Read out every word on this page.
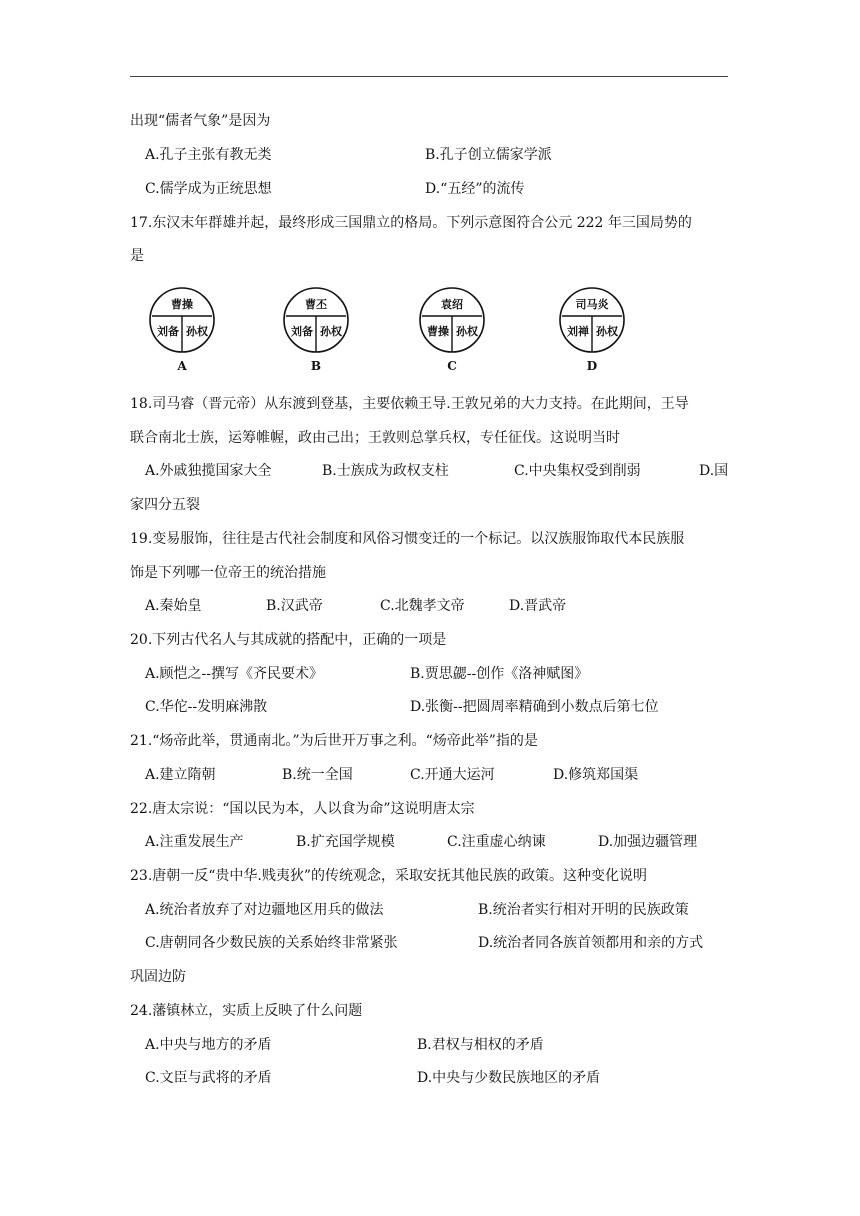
出现“儒者气象”是因为
A.孔子主张有教无类	B.孔子创立儒家学派
C.儒学成为正统思想	D.“五经”的流传
17.东汉末年群雄并起，最终形成三国鼎立的格局。下列示意图符合公元 222 年三国局势的
是
曹操
刘备 孙权
A
曹丕
刘备 孙权
B
袁绍
曹操 孙权
C
司马炎
刘禅 孙权
D
18.司马睿（晋元帝）从东渡到登基，主要依赖王导.王敦兄弟的大力支持。在此期间，王导
联合南北士族，运筹帷幄，政由己出；王敦则总掌兵权，专任征伐。这说明当时
A.外戚独揽国家大全	B.士族成为政权支柱	C.中央集权受到削弱	D.国
家四分五裂
19.变易服饰，往往是古代社会制度和风俗习惯变迁的一个标记。以汉族服饰取代本民族服
饰是下列哪一位帝王的统治措施
A.秦始皇	B.汉武帝	C.北魏孝文帝	D.晋武帝
20.下列古代名人与其成就的搭配中，正确的一项是
A.顾恺之--撰写《齐民要术》	B.贾思勰--创作《洛神赋图》
C.华佗--发明麻沸散	D.张衡--把圆周率精确到小数点后第七位
21.“炀帝此举，贯通南北。”为后世开万事之利。“炀帝此举”指的是
A.建立隋朝	B.统一全国	C.开通大运河	D.修筑郑国渠
22.唐太宗说：“国以民为本，人以食为命”这说明唐太宗
A.注重发展生产	B.扩充国学规模	C.注重虚心纳谏	D.加强边疆管理
23.唐朝一反“贵中华.贱夷狄”的传统观念，采取安抚其他民族的政策。这种变化说明
A.统治者放弃了对边疆地区用兵的做法	B.统治者实行相对开明的民族政策
C.唐朝同各少数民族的关系始终非常紧张	D.统治者同各族首领都用和亲的方式
巩固边防
24.藩镇林立，实质上反映了什么问题
A.中央与地方的矛盾	B.君权与相权的矛盾
C.文臣与武将的矛盾	D.中央与少数民族地区的矛盾
